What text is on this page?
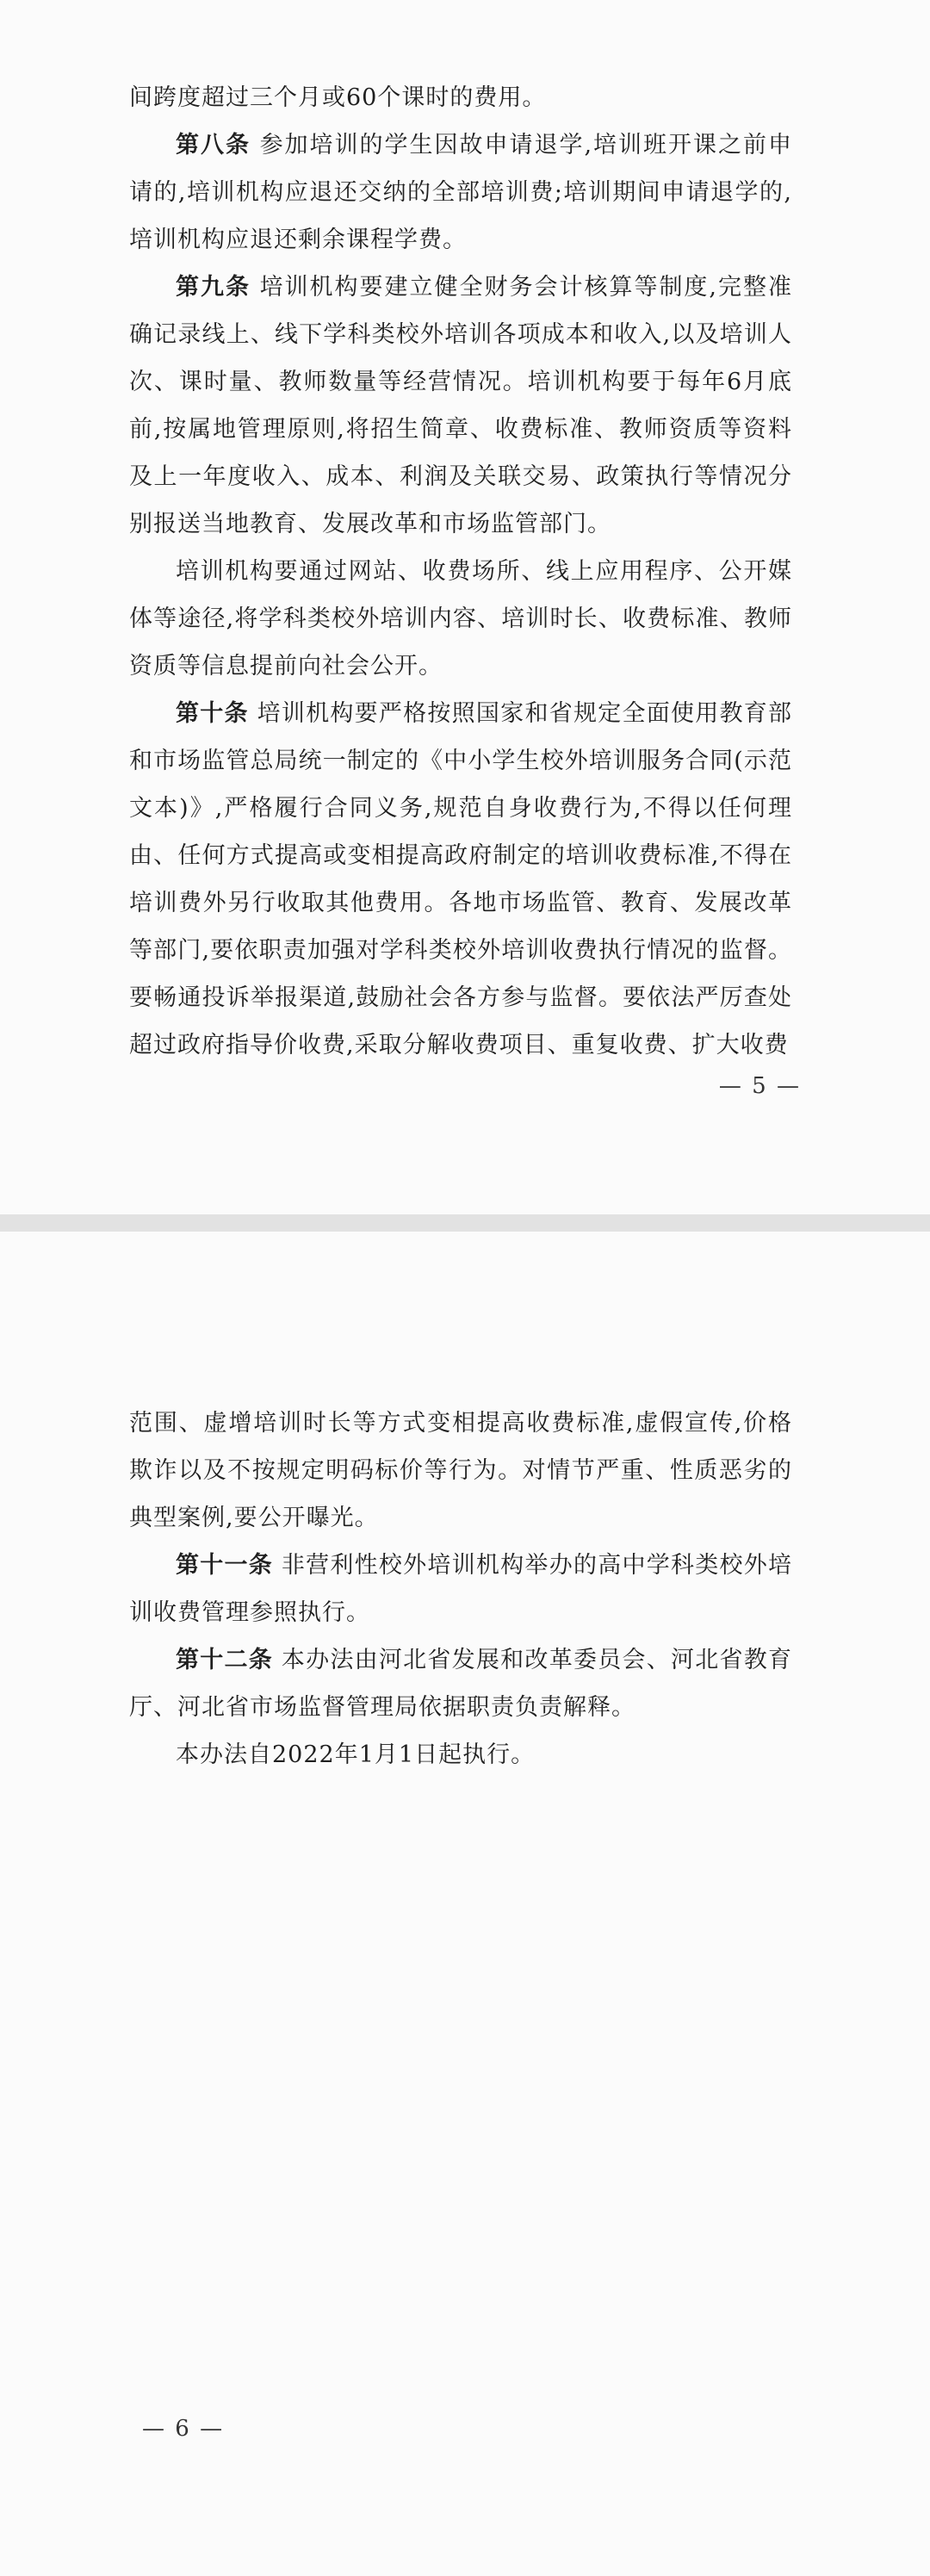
间跨度超过三个月或60个课时的费用。

第八条 参加培训的学生因故申请退学,培训班开课之前申请的,培训机构应退还交纳的全部培训费;培训期间申请退学的,培训机构应退还剩余课程学费。

第九条 培训机构要建立健全财务会计核算等制度,完整准确记录线上、线下学科类校外培训各项成本和收入,以及培训人次、课时量、教师数量等经营情况。培训机构要于每年6月底前,按属地管理原则,将招生简章、收费标准、教师资质等资料及上一年度收入、成本、利润及关联交易、政策执行等情况分别报送当地教育、发展改革和市场监管部门。

培训机构要通过网站、收费场所、线上应用程序、公开媒体等途径,将学科类校外培训内容、培训时长、收费标准、教师资质等信息提前向社会公开。

第十条 培训机构要严格按照国家和省规定全面使用教育部和市场监管总局统一制定的《中小学生校外培训服务合同(示范文本)》,严格履行合同义务,规范自身收费行为,不得以任何理由、任何方式提高或变相提高政府制定的培训收费标准,不得在培训费外另行收取其他费用。各地市场监管、教育、发展改革等部门,要依职责加强对学科类校外培训收费执行情况的监督。要畅通投诉举报渠道,鼓励社会各方参与监督。要依法严厉查处超过政府指导价收费,采取分解收费项目、重复收费、扩大收费

— 5 —

范围、虚增培训时长等方式变相提高收费标准,虚假宣传,价格欺诈以及不按规定明码标价等行为。对情节严重、性质恶劣的典型案例,要公开曝光。

第十一条 非营利性校外培训机构举办的高中学科类校外培训收费管理参照执行。

第十二条 本办法由河北省发展和改革委员会、河北省教育厅、河北省市场监督管理局依据职责负责解释。

本办法自2022年1月1日起执行。

— 6 —
